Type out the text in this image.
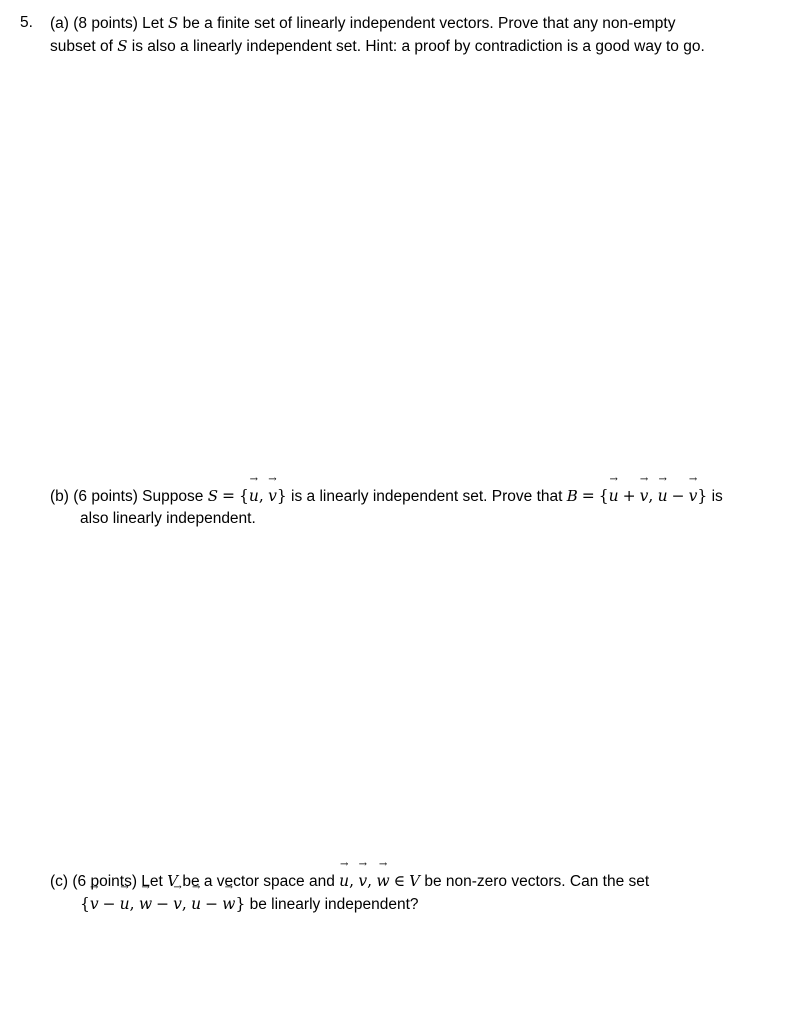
5. (a) (8 points) Let S be a finite set of linearly independent vectors. Prove that any non-empty
subset of S is also a linearly independent set. Hint: a proof by contradiction is a good way to go.
(b) (6 points) Suppose S = {→ u, → v} is a linearly independent set. Prove that B = {→ u + → v, → u − → v} is
also linearly independent.
(c) (6 points) Let V be a vector space and → u, → v, → w ∈ V be non-zero vectors. Can the set
{→ v − → u, → w − → v, → u − → w} be linearly independent?
